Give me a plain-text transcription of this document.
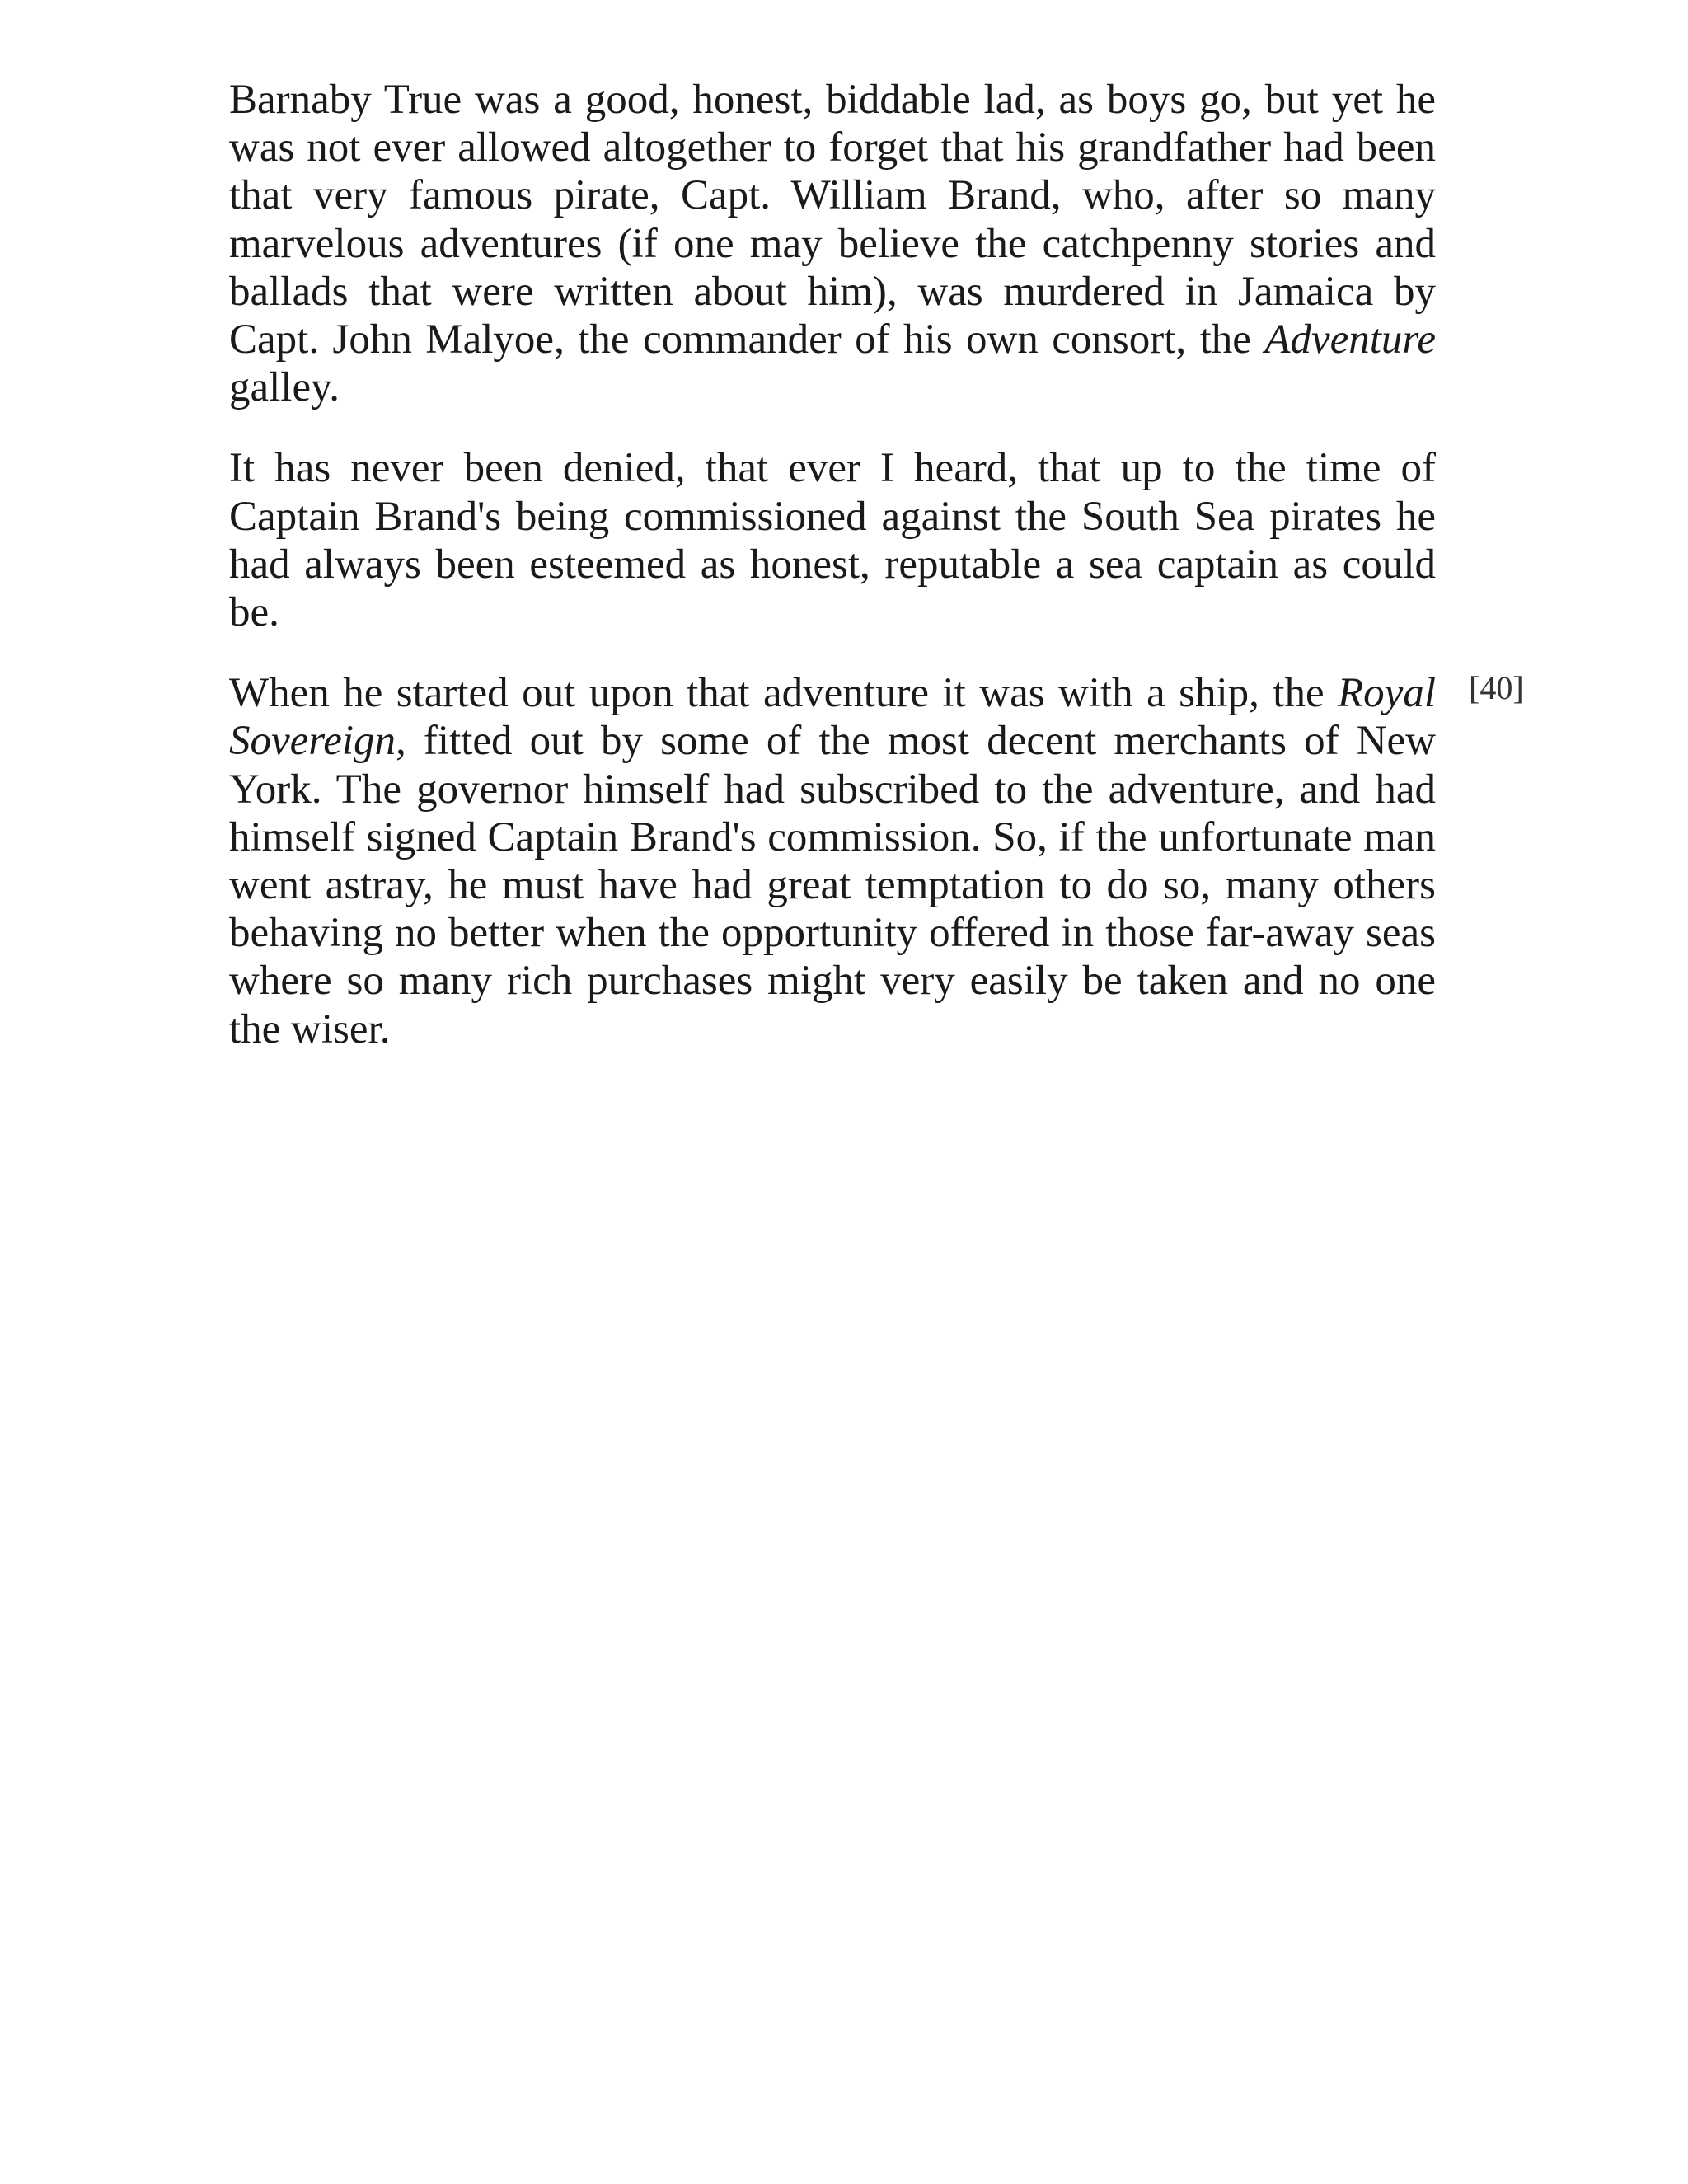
Barnaby True was a good, honest, biddable lad, as boys go, but yet he was not ever allowed altogether to forget that his grandfather had been that very famous pirate, Capt. William Brand, who, after so many marvelous adventures (if one may believe the catchpenny stories and ballads that were written about him), was murdered in Jamaica by Capt. John Malyoe, the commander of his own consort, the Adventure galley.

It has never been denied, that ever I heard, that up to the time of Captain Brand's being commissioned against the South Sea pirates he had always been esteemed as honest, reputable a sea captain as could be.

When he started out upon that adventure it was with a ship, the Royal Sovereign, fitted out by some of the most decent merchants of New York. The governor himself had subscribed to the adventure, and had himself signed Captain Brand's commission. So, if the unfortunate man went astray, he must have had great temptation to do so, many others behaving no better when the opportunity offered in those far-away seas where so many rich purchases might very easily be taken and no one the wiser.

[40]
